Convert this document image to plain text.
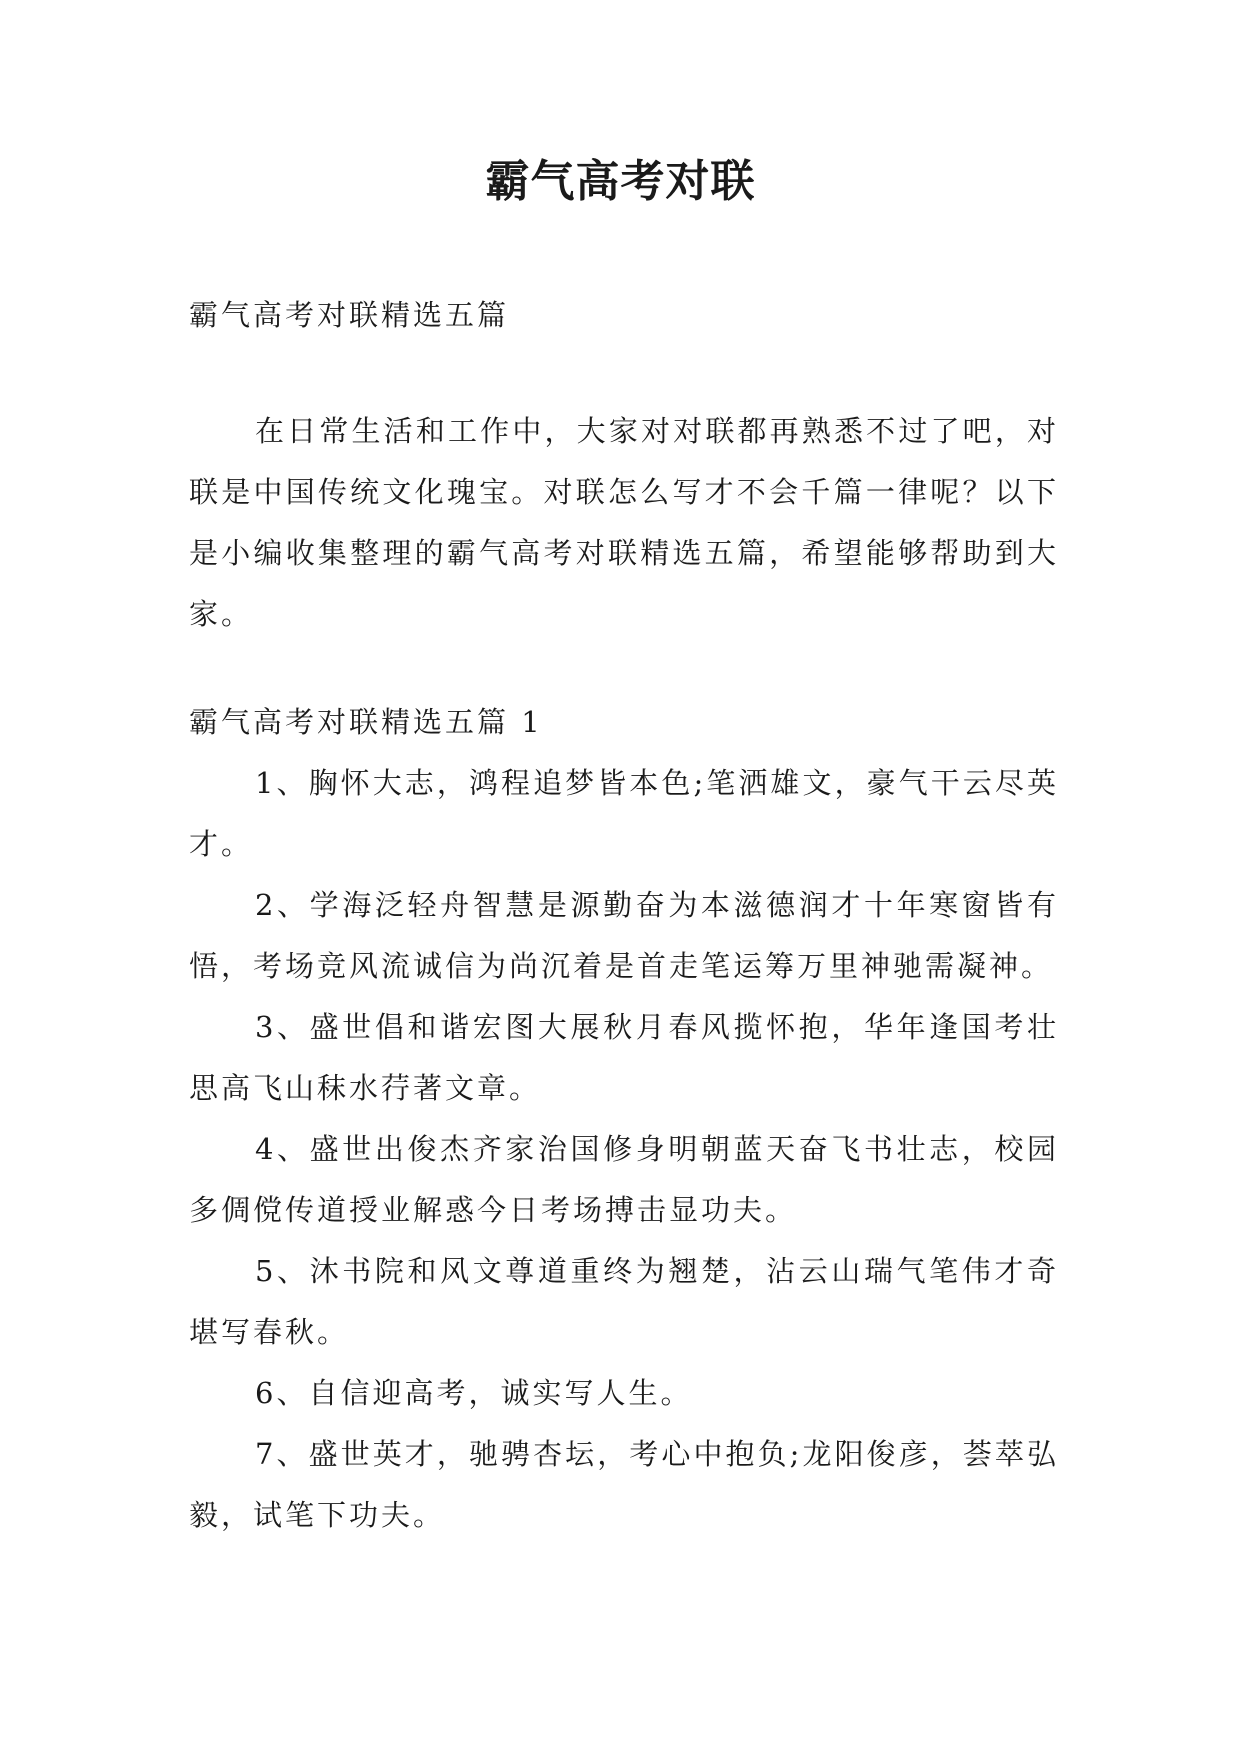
霸气高考对联
霸气高考对联精选五篇
在日常生活和工作中，大家对对联都再熟悉不过了吧，对联是中国传统文化瑰宝。对联怎么写才不会千篇一律呢？以下是小编收集整理的霸气高考对联精选五篇，希望能够帮助到大家。

霸气高考对联精选五篇 1

1、胸怀大志，鸿程追梦皆本色;笔洒雄文，豪气干云尽英才。
2、学海泛轻舟智慧是源勤奋为本滋德润才十年寒窗皆有悟，考场竞风流诚信为尚沉着是首走笔运筹万里神驰需凝神。
3、盛世倡和谐宏图大展秋月春风揽怀抱，华年逢国考壮思高飞山秣水荇著文章。
4、盛世出俊杰齐家治国修身明朝蓝天奋飞书壮志，校园多倜傥传道授业解惑今日考场搏击显功夫。
5、沐书院和风文尊道重终为翘楚，沾云山瑞气笔伟才奇堪写春秋。
6、自信迎高考，诚实写人生。
7、盛世英才，驰骋杏坛，考心中抱负;龙阳俊彦，荟萃弘毅，试笔下功夫。
